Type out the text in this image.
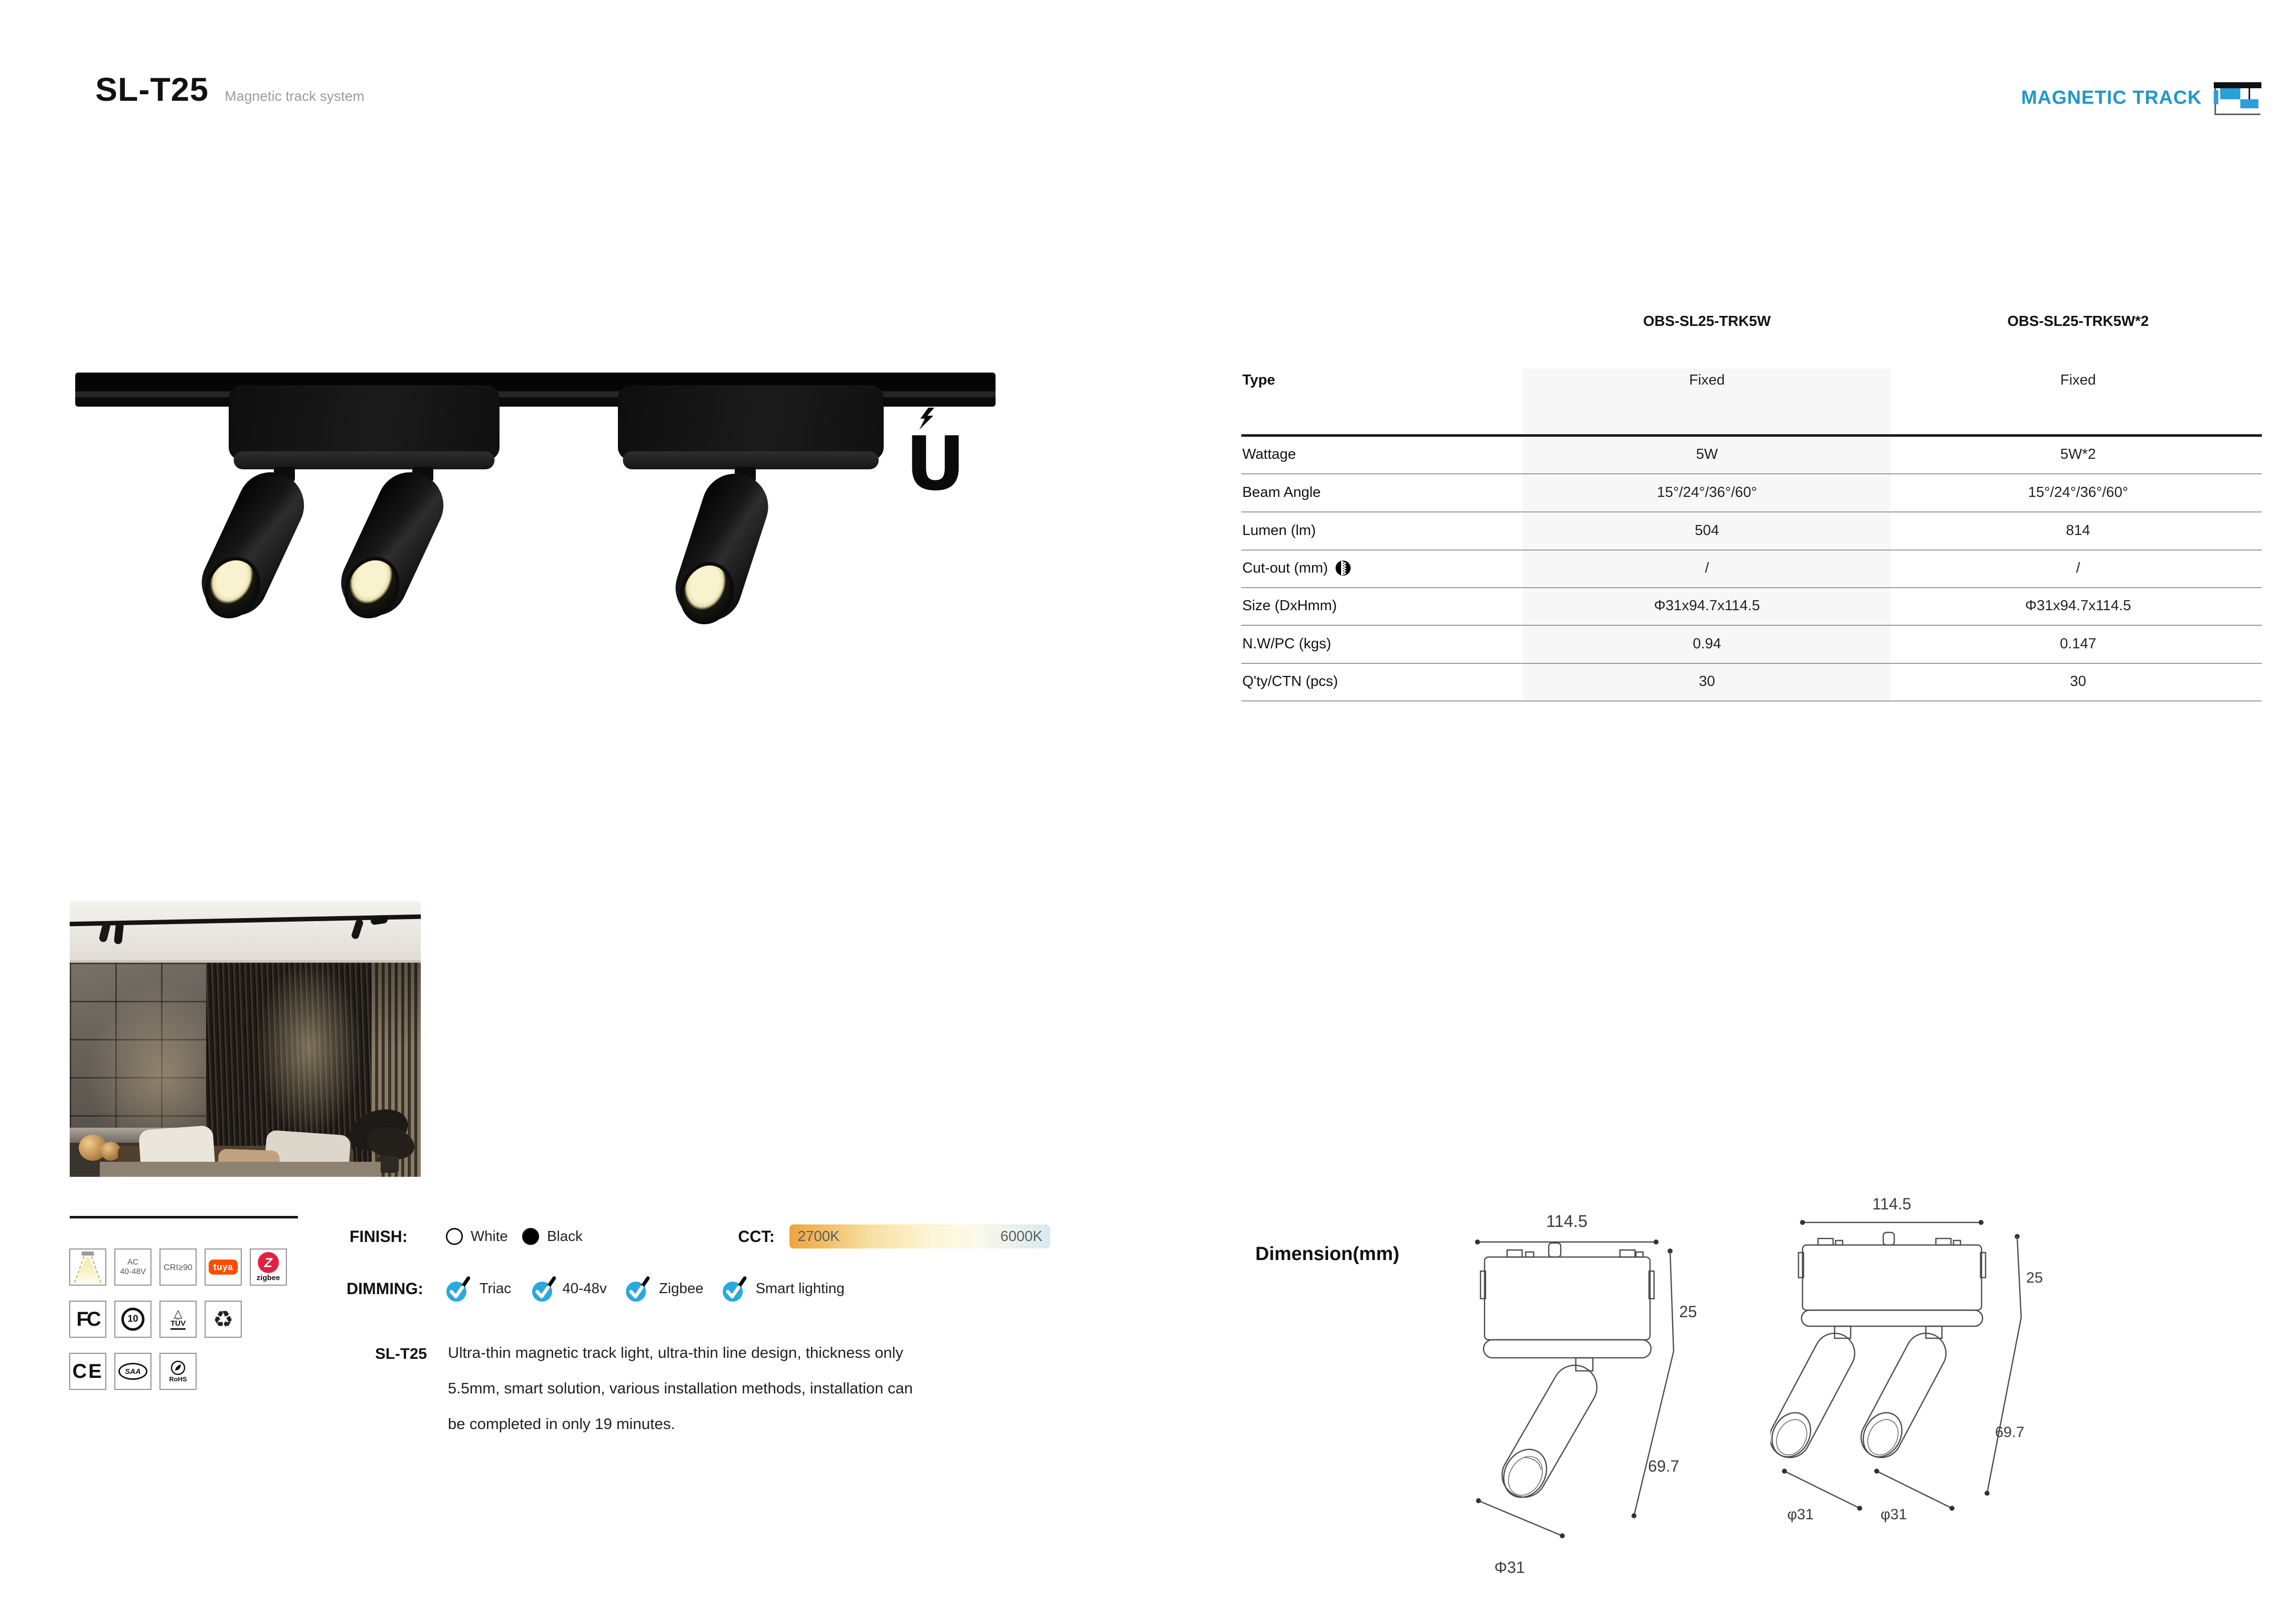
SL-T25 Magnetic track system	MAGNETIC TRACK
U
OBS-SL25-TRK5W	OBS-SL25-TRK5W*2
Type	Fixed	Fixed
Wattage	5W	5W*2
Beam Angle	15°/24°/36°/60°	15°/24°/36°/60°
Lumen (lm)	504	814
Cut-out (mm)	/	/
Size (DxHmm)	Φ31x94.7x114.5	Φ31x94.7x114.5
N.W/PC (kgs)	0.94	0.147
Q'ty/CTN (pcs)	30	30
AC
40-48V CRI≥90	tuya	Z
zigbee
FC	10	△
TÜV ♻
CE	SAA
RoHS
FINISH:	White	Black	CCT: 2700K	6000K
DIMMING:	Triac	40-48v	Zigbee	Smart lighting
SL-T25 Ultra-thin magnetic track light, ultra-thin line design, thickness only
5.5mm, smart solution, various installation methods, installation can
be completed in only 19 minutes.
Dimension(mm)
114.5
25
69.7
Φ31
114.5
25
69.7
φ31	φ31
